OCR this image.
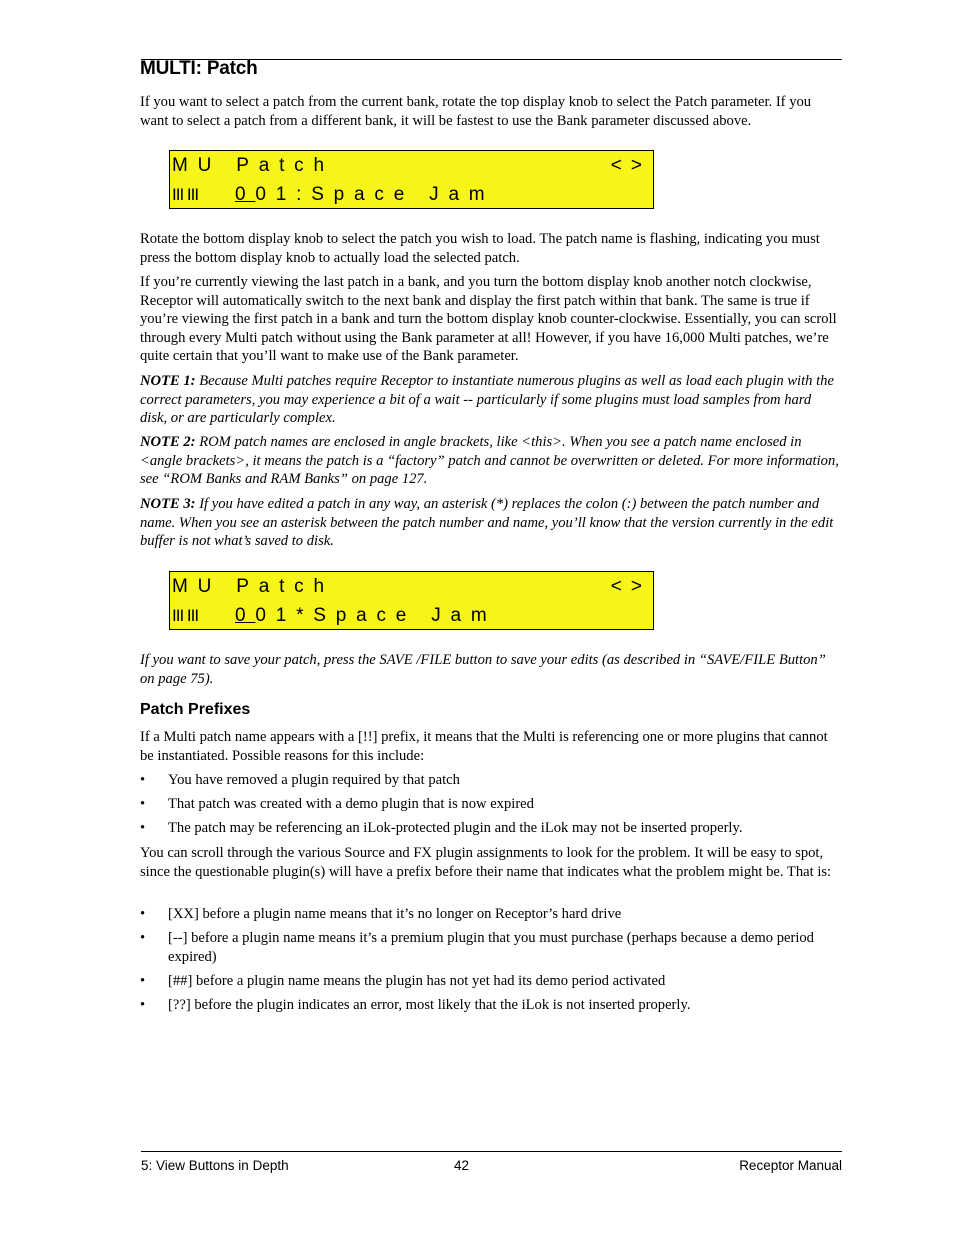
MULTI: Patch

If you want to select a patch from the current bank, rotate the top display knob to select the Patch parameter. If you want to select a patch from a different bank, it will be fastest to use the Bank parameter discussed above.

MU Patch	<>
III III 001:Space Jam

Rotate the bottom display knob to select the patch you wish to load. The patch name is flashing, indicating you must press the bottom display knob to actually load the selected patch.

If you’re currently viewing the last patch in a bank, and you turn the bottom display knob another notch clockwise, Receptor will automatically switch to the next bank and display the first patch within that bank. The same is true if you’re viewing the first patch in a bank and turn the bottom display knob counter-clockwise. Essentially, you can scroll through every Multi patch without using the Bank parameter at all! However, if you have 16,000 Multi patches, we’re quite certain that you’ll want to make use of the Bank parameter.

NOTE 1: Because Multi patches require Receptor to instantiate numerous plugins as well as load each plugin with the correct parameters, you may experience a bit of a wait -- particularly if some plugins must load samples from hard disk, or are particularly complex.

NOTE 2: ROM patch names are enclosed in angle brackets, like <this>. When you see a patch name enclosed in <angle brackets>, it means the patch is a “factory” patch and cannot be overwritten or deleted. For more information, see “ROM Banks and RAM Banks” on page 127.

NOTE 3: If you have edited a patch in any way, an asterisk (*) replaces the colon (:) between the patch number and name. When you see an asterisk between the patch number and name, you’ll know that the version currently in the edit buffer is not what’s saved to disk.

MU Patch	<>
III III 001*Space Jam

If you want to save your patch, press the SAVE /FILE button to save your edits (as described in “SAVE/FILE Button” on page 75).

Patch Prefixes

If a Multi patch name appears with a [!!] prefix, it means that the Multi is referencing one or more plugins that cannot be instantiated. Possible reasons for this include:

• You have removed a plugin required by that patch
• That patch was created with a demo plugin that is now expired
• The patch may be referencing an iLok-protected plugin and the iLok may not be inserted properly.

You can scroll through the various Source and FX plugin assignments to look for the problem. It will be easy to spot, since the questionable plugin(s) will have a prefix before their name that indicates what the problem might be. That is:

• [XX] before a plugin name means that it’s no longer on Receptor’s hard drive
• [--] before a plugin name means it’s a premium plugin that you must purchase (perhaps because a demo period expired)
• [##] before a plugin name means the plugin has not yet had its demo period activated
• [??] before the plugin indicates an error, most likely that the iLok is not inserted properly.
5: View Buttons in Depth	42	Receptor Manual
